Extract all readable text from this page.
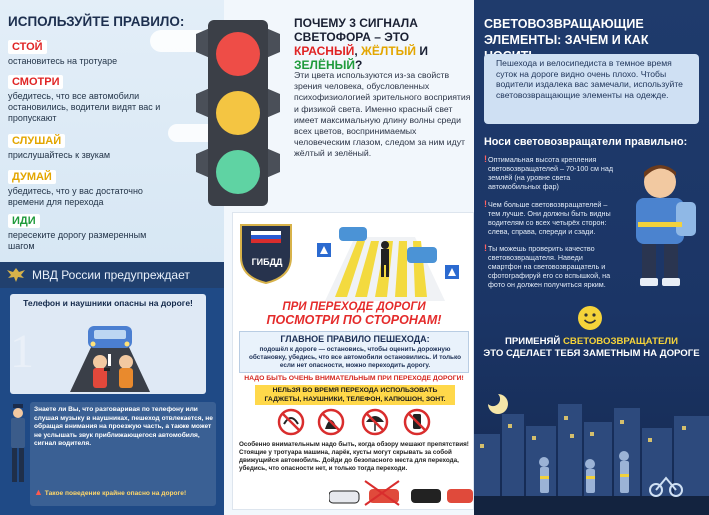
ИСПОЛЬЗУЙТЕ ПРАВИЛО:
СТОЙ
остановитесь на тротуаре
СМОТРИ
убедитесь, что все автомобили остановились, водители видят вас и пропускают
СЛУШАЙ
прислушайтесь к звукам
ДУМАЙ
убедитесь, что у вас достаточно времени для перехода
ИДИ
пересеките дорогу размеренным шагом
МВД России предупреждает
Телефон и наушники опасны на дороге!
1
Знаете ли Вы, что разговаривая по телефону или слушая музыку в наушниках, пешеход отвлекается, не обращая внимания на проезжую часть, а также может не услышать звук приближающегося автомобиля, сигнал водителя.
▲ Такое поведение крайне опасно на дороге!
ПОЧЕМУ 3 СИГНАЛА СВЕТОФОРА – ЭТО КРАСНЫЙ, ЖЁЛТЫЙ И ЗЕЛЁНЫЙ?
Эти цвета используются из-за свойств зрения человека, обусловленных психофизиологией зрительного восприятия и физикой света. Именно красный свет имеет максимальную длину волны среди всех цветов, воспринимаемых человеческим глазом, следом за ним идут жёлтый и зелёный.
ГИБДД
ПРИ ПЕРЕХОДЕ ДОРОГИ
ПОСМОТРИ ПО СТОРОНАМ!
ГЛАВНОЕ ПРАВИЛО ПЕШЕХОДА:
подошёл к дороге — остановись, чтобы оценить дорожную обстановку, убедись, что все автомобили остановились. И только если нет опасности, можно переходить дорогу.
НАДО БЫТЬ ОЧЕНЬ ВНИМАТЕЛЬНЫМ ПРИ ПЕРЕХОДЕ ДОРОГИ!
НЕЛЬЗЯ ВО ВРЕМЯ ПЕРЕХОДА ИСПОЛЬЗОВАТЬ
ГАДЖЕТЫ, НАУШНИКИ, ТЕЛЕФОН, КАПЮШОН, ЗОНТ.
Особенно внимательным надо быть, когда обзору мешают препятствия! Стоящие у тротуара машина, ларёк, кусты могут скрывать за собой движущийся автомобиль. Дойди до безопасного места для перехода, убедись, что опасности нет, и только тогда переходи.
СВЕТОВОЗВРАЩАЮЩИЕ ЭЛЕМЕНТЫ: ЗАЧЕМ И КАК
Пешехода и велосипедиста в темное время суток на дороге видно очень плохо. Чтобы водители издалека вас замечали, используйте световозвращающие элементы на одежде.
Носи световозвращатели правильно:
! Оптимальная высота крепления световозвращателей – 70-100 см над землёй (на уровне света автомобильных фар)
! Чем больше световозвращателей – тем лучше. Они должны быть видны водителям со всех четырёх сторон: слева, справа, спереди и сзади.
! Ты можешь проверить качество световозвращателя. Наведи смартфон на световозвращатель и сфотографируй его со вспышкой, на фото он должен получиться ярким.
ПРИМЕНЯЙ СВЕТОВОЗВРАЩАТЕЛИ
ЭТО СДЕЛАЕТ ТЕБЯ ЗАМЕТНЫМ НА ДОРОГЕ
